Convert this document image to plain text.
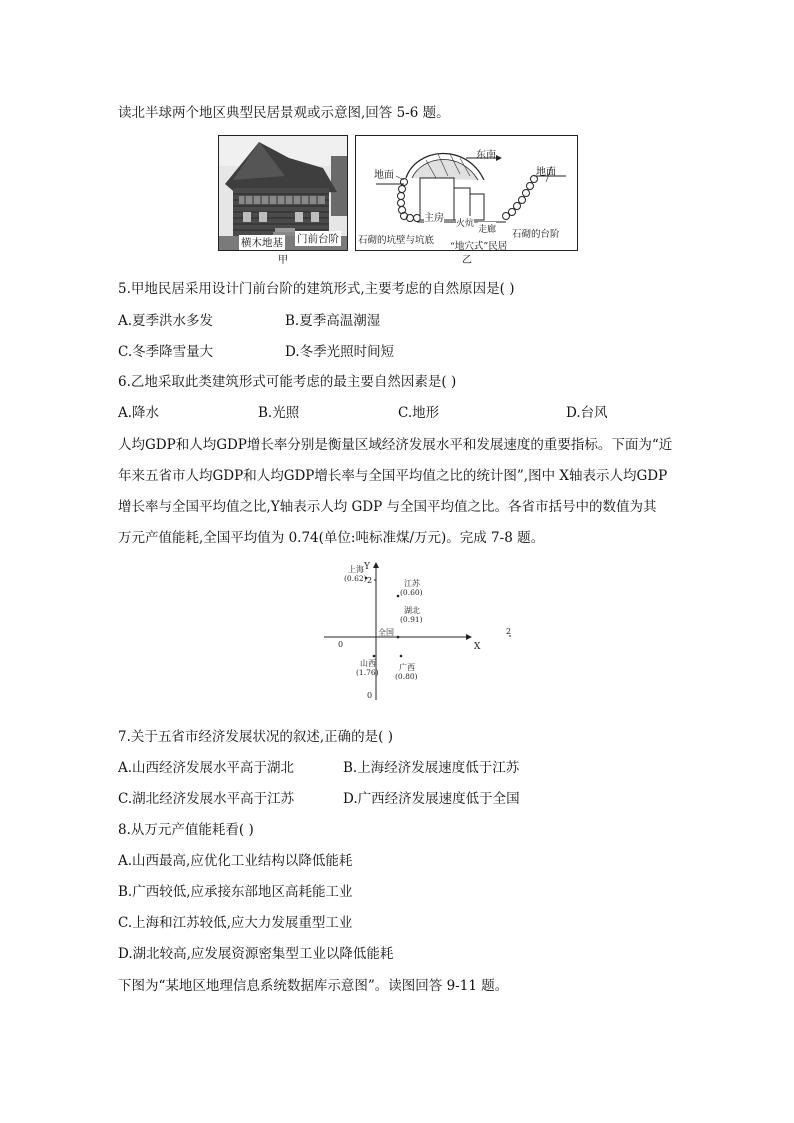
读北半球两个地区典型民居景观或示意图,回答 5-6 题。
横木地基 门前台阶
甲
地面
东南
地面
主房 火炕
走廊
石砌的坑壁与坑底
“地穴式”民居
石砌的台阶
乙
5.甲地民居采用设计门前台阶的建筑形式,主要考虑的自然原因是( )
A.夏季洪水多发	B.夏季高温潮湿
C.冬季降雪量大	D.冬季光照时间短
6.乙地采取此类建筑形式可能考虑的最主要自然因素是( )
A.降水	B.光照	C.地形	D.台风
人均GDP和人均GDP增长率分别是衡量区域经济发展水平和发展速度的重要指标。下面为“近
年来五省市人均GDP和人均GDP增长率与全国平均值之比的统计图”,图中 X轴表示人均GDP
增长率与全国平均值之比,Y轴表示人均 GDP 与全国平均值之比。各省市括号中的数值为其
万元产值能耗,全国平均值为 0.74(单位:吨标准煤/万元)。完成 7-8 题。
X
Y
0
2
2
0
上海
(0.62)
江苏
(0.60)
湖北
(0.91)
全国
山西
(1.76)
广西
(0.80)
7.关于五省市经济发展状况的叙述,正确的是( )
A.山西经济发展水平高于湖北	B.上海经济发展速度低于江苏
C.湖北经济发展水平高于江苏	D.广西经济发展速度低于全国
8.从万元产值能耗看( )
A.山西最高,应优化工业结构以降低能耗
B.广西较低,应承接东部地区高耗能工业
C.上海和江苏较低,应大力发展重型工业
D.湖北较高,应发展资源密集型工业以降低能耗
下图为“某地区地理信息系统数据库示意图”。读图回答 9-11 题。
